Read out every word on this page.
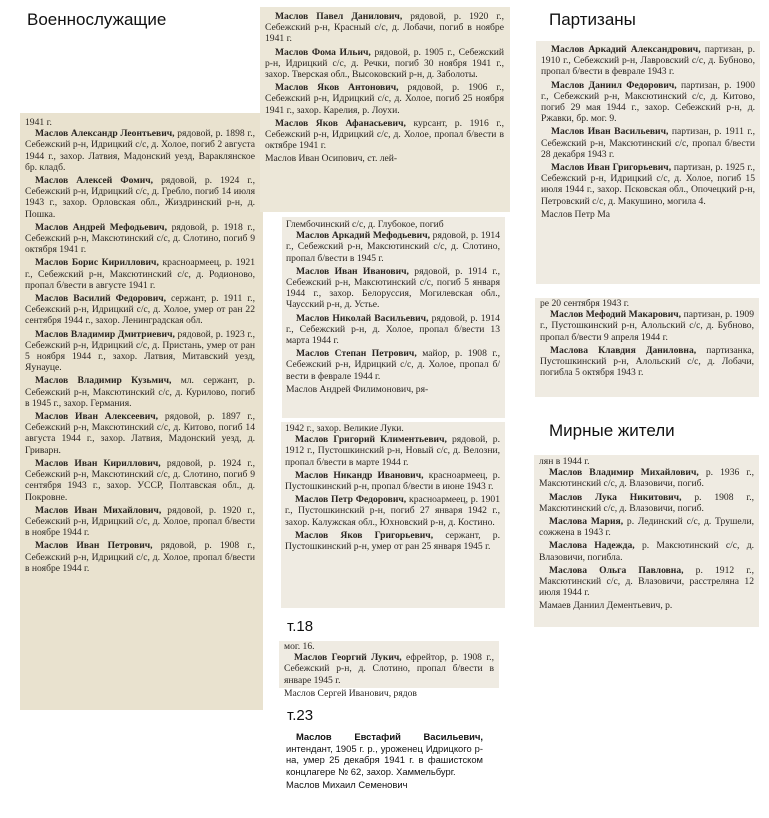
Военнослужащие	Партизаны
Мирные жители
т.18
т.23
1941 г.

Маслов Александр Леонтьевич, рядовой, р. 1898 г., Себежский р-н, Идрицкий с/с, д. Холое, погиб 2 августа 1944 г., захор. Латвия, Мадонский уезд, Вараклянское бр. кладб.

Маслов Алексей Фомич, рядовой, р. 1924 г., Себежский р-н, Идрицкий с/с, д. Гребло, погиб 14 июля 1943 г., захор. Орловская обл., Жиздринский р-н, д. Пошка.

Маслов Андрей Мефодьевич, рядовой, р. 1918 г., Себежский р-н, Максютинский с/с, д. Слотино, погиб 9 октября 1941 г.

Маслов Борис Кириллович, красноармеец, р. 1921 г., Себежский р-н, Максютинский с/с, д. Родионово, пропал б/вести в августе 1941 г.

Маслов Василий Федорович, сержант, р. 1911 г., Себежский р-н, Идрицкий с/с, д. Холое, умер от ран 22 сентября 1944 г., захор. Ленинградская обл.

Маслов Владимир Дмитриевич, рядовой, р. 1923 г., Себежский р-н, Идрицкий с/с, д. Пристань, умер от ран 5 ноября 1944 г., захор. Латвия, Митавский уезд, Яунауце.

Маслов Владимир Кузьмич, мл. сержант, р. Себежский р-н, Максютинский с/с, д. Курилово, погиб в 1945 г., захор. Германия.

Маслов Иван Алексеевич, рядовой, р. 1897 г., Себежский р-н, Максютинский с/с, д. Китово, погиб 14 августа 1944 г., захор. Латвия, Мадонский уезд, д. Гриварн.

Маслов Иван Кириллович, рядовой, р. 1924 г., Себежский р-н, Максютинский с/с, д. Слотино, погиб 9 сентября 1943 г., захор. УССР, Полтавская обл., д. Покровне.

Маслов Иван Михайлович, рядовой, р. 1920 г., Себежский р-н, Идрицкий с/с, д. Холое, пропал б/вести в ноябре 1944 г.

Маслов Иван Петрович, рядовой, р. 1908 г., Себежский р-н, Идрицкий с/с, д. Холое, пропал б/вести в ноябре 1944 г.

Маслов Павел Данилович, рядовой, р. 1920 г., Себежский р-н, Красный с/с, д. Лобачи, погиб в ноябре 1941 г.

Маслов Фома Ильич, рядовой, р. 1905 г., Себежский р-н, Идрицкий с/с, д. Речки, погиб 30 ноября 1941 г., захор. Тверская обл., Высоковский р-н, д. Заболоты.

Маслов Яков Антонович, рядовой, р. 1906 г., Себежский р-н, Идрицкий с/с, д. Холое, погиб 25 ноября 1941 г., захор. Карелия, р. Лоухи.

Маслов Яков Афанасьевич, курсант, р. 1916 г., Себежский р-н, Идрицкий с/с, д. Холое, пропал б/вести в октябре 1941 г.

Маслов Иван Осипович, ст. лей-
Глембочинский с/с, д. Глубокое, погиб

Маслов Аркадий Мефодьевич, рядовой, р. 1914 г., Себежский р-н, Максютинский с/с, д. Слотино, пропал б/вести в 1945 г.

Маслов Иван Иванович, рядовой, р. 1914 г., Себежский р-н, Максютинский с/с, погиб 5 января 1944 г., захор. Белоруссия, Могилевская обл., Чаусский р-н, д. Устье.

Маслов Николай Васильевич, рядовой, р. 1914 г., Себежский р-н, д. Холое, пропал б/вести 13 марта 1944 г.

Маслов Степан Петрович, майор, р. 1908 г., Себежский р-н, Идрицкий с/с, д. Холое, пропал б/вести в феврале 1944 г.

Маслов Андрей Филимонович, ря-
1942 г., захор. Великие Луки.

Маслов Григорий Климентьевич, рядовой, р. 1912 г., Пустошкинский р-н, Новый с/с, д. Велозни, пропал б/вести в марте 1944 г.

Маслов Никандр Иванович, красноармеец, р. Пустошкинский р-н, пропал б/вести в июне 1943 г.

Маслов Петр Федорович, красноармеец, р. 1901 г., Пустошкинский р-н, погиб 27 января 1942 г., захор. Калужская обл., Юхновский р-н, д. Костино.

Маслов Яков Григорьевич, сержант, р. Пустошкинский р-н, умер от ран 25 января 1945 г.

мог. 16.

Маслов Георгий Лукич, ефрейтор, р. 1908 г., Себежский р-н, д. Слотино, пропал б/вести в январе 1945 г.

Маслов Сергей Иванович, рядов

Маслов Евстафий Васильевич, интендант, 1905 г. р., уроженец Идрицкого р-на, умер 25 декабря 1941 г. в фашистском концлагере № 62, захор. Хаммельбург.

Маслов Михаил Семенович

Маслов Аркадий Александрович, партизан, р. 1910 г., Себежский р-н, Лавровский с/с, д. Бубново, пропал б/вести в феврале 1943 г.

Маслов Даниил Федорович, партизан, р. 1900 г., Себежский р-н, Максютинский с/с, д. Китово, погиб 29 мая 1944 г., захор. Себежский р-н, д. Ржавки, бр. мог. 9.

Маслов Иван Васильевич, партизан, р. 1911 г., Себежский р-н, Максютинский с/с, пропал б/вести 28 декабря 1943 г.

Маслов Иван Григорьевич, партизан, р. 1925 г., Себежский р-н, Идрицкий с/с, д. Холое, погиб 15 июля 1944 г., захор. Псковская обл., Опочецкий р-н, Петровский с/с, д. Макушино, могила 4.

Маслов Петр Ма
ре 20 сентября 1943 г.

Маслов Мефодий Макарович, партизан, р. 1909 г., Пустошкинский р-н, Алольский с/с, д. Бубново, пропал б/вести 9 апреля 1944 г.

Маслова Клавдия Даниловна, партизанка, Пустошкинский р-н, Алольский с/с, д. Лобачи, погибла 5 октября 1943 г.

лян в 1944 г.

Маслов Владимир Михайлович, р. 1936 г., Максютинский с/с, д. Влазовичи, погиб.

Маслов Лука Никитович, р. 1908 г., Максютинский с/с, д. Влазовичи, погиб.

Маслова Мария, р. Лединский с/с, д. Трушели, сожжена в 1943 г.

Маслова Надежда, р. Максютинский с/с, д. Влазовичи, погибла.

Маслова Ольга Павловна, р. 1912 г., Максютинский с/с, д. Влазовичи, расстреляна 12 июля 1944 г.

Мамаев Даниил Дементьевич, р.
